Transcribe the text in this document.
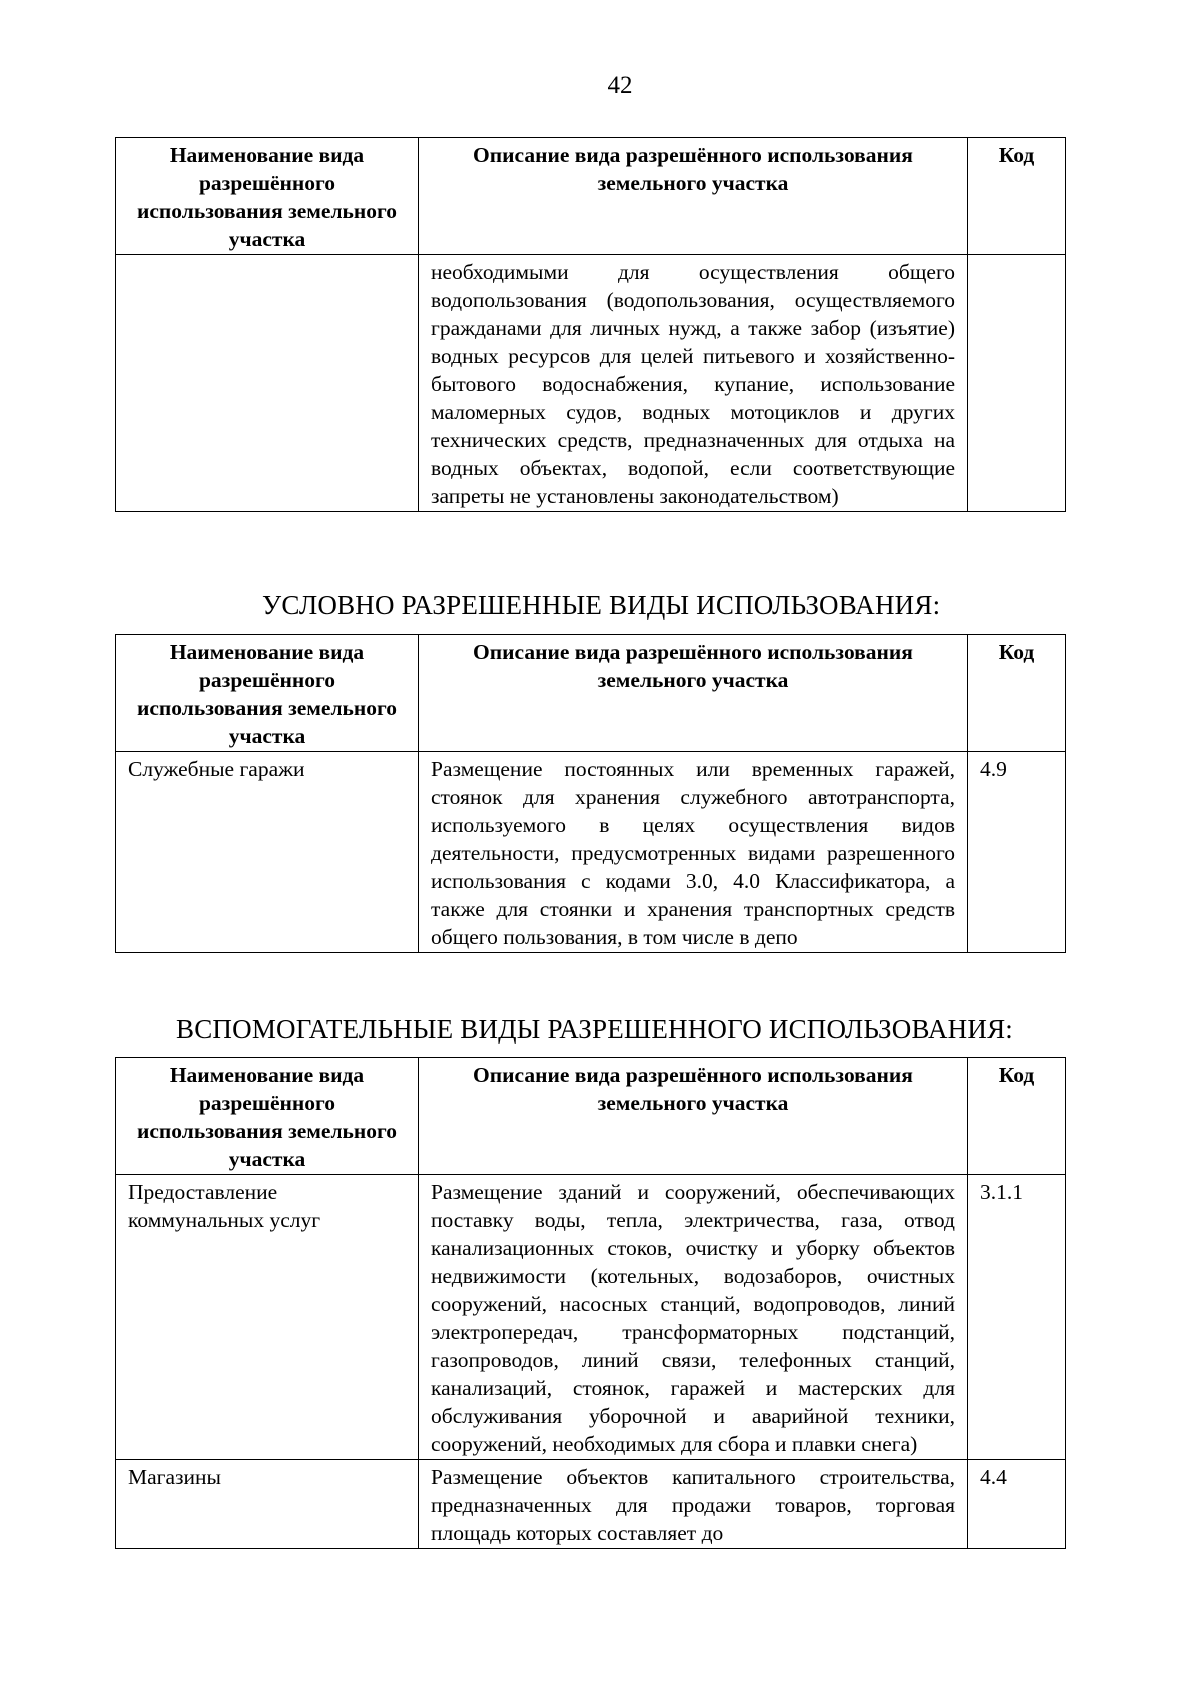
42
Наименование вида разрешённого использования земельного участка	Описание вида разрешённого использования земельного участка	Код
	необходимыми для осуществления общего водопользования (водопользования, осуществляемого гражданами для личных нужд, а также забор (изъятие) водных ресурсов для целей питьевого и хозяйственно-бытового водоснабжения, купание, использование маломерных судов, водных мотоциклов и других технических средств, предназначенных для отдыха на водных объектах, водопой, если соответствующие запреты не установлены законодательством)	
УСЛОВНО РАЗРЕШЕННЫЕ ВИДЫ ИСПОЛЬЗОВАНИЯ:
Наименование вида разрешённого использования земельного участка	Описание вида разрешённого использования земельного участка	Код
Служебные гаражи	Размещение постоянных или временных гаражей, стоянок для хранения служебного автотранспорта, используемого в целях осуществления видов деятельности, предусмотренных видами разрешенного использования с кодами 3.0, 4.0 Классификатора, а также для стоянки и хранения транспортных средств общего пользования, в том числе в депо	4.9
ВСПОМОГАТЕЛЬНЫЕ ВИДЫ РАЗРЕШЕННОГО ИСПОЛЬЗОВАНИЯ:
Наименование вида разрешённого использования земельного участка	Описание вида разрешённого использования земельного участка	Код
Предоставление коммунальных услуг	Размещение зданий и сооружений, обеспечивающих поставку воды, тепла, электричества, газа, отвод канализационных стоков, очистку и уборку объектов недвижимости (котельных, водозаборов, очистных сооружений, насосных станций, водопроводов, линий электропередач, трансформаторных подстанций, газопроводов, линий связи, телефонных станций, канализаций, стоянок, гаражей и мастерских для обслуживания уборочной и аварийной техники, сооружений, необходимых для сбора и плавки снега)	3.1.1
Магазины	Размещение объектов капитального строительства, предназначенных для продажи товаров, торговая площадь которых составляет до	4.4
